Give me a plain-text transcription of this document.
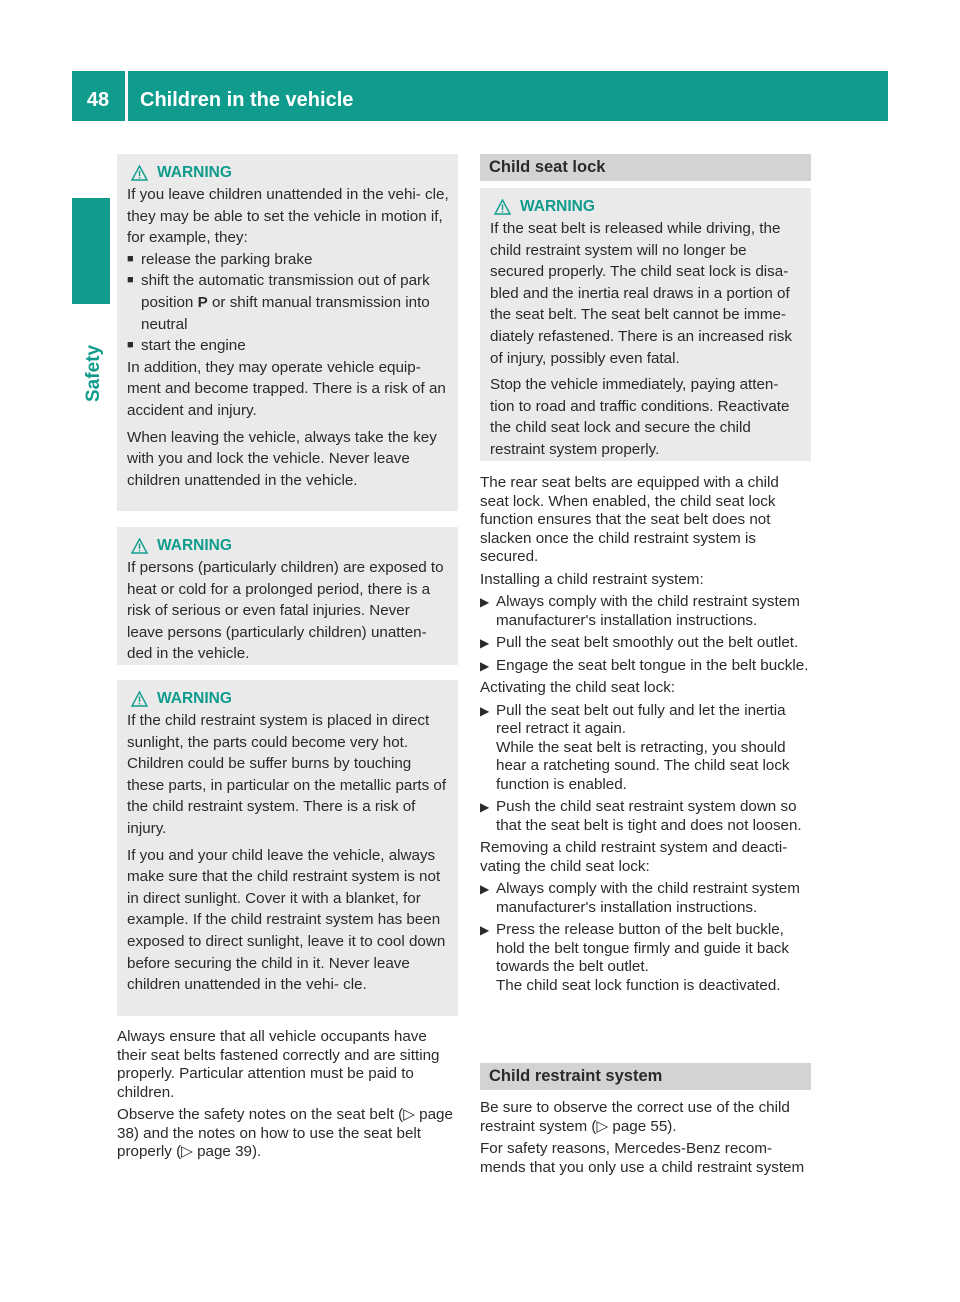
48	Children in the vehicle
Safety
WARNING

If you leave children unattended in the vehi- cle, they may be able to set the vehicle in motion if, for example, they:

■ release the parking brake
■ shift the automatic transmission out of park position P or shift manual transmission into neutral
■ start the engine

In addition, they may operate vehicle equip- ment and become trapped. There is a risk of an accident and injury.

When leaving the vehicle, always take the key with you and lock the vehicle. Never leave children unattended in the vehicle.

WARNING

If persons (particularly children) are exposed to heat or cold for a prolonged period, there is a risk of serious or even fatal injuries. Never leave persons (particularly children) unatten- ded in the vehicle.

WARNING

If the child restraint system is placed in direct sunlight, the parts could become very hot. Children could be suffer burns by touching these parts, in particular on the metallic parts of the child restraint system. There is a risk of injury.

If you and your child leave the vehicle, always make sure that the child restraint system is not in direct sunlight. Cover it with a blanket, for example. If the child restraint system has been exposed to direct sunlight, leave it to cool down before securing the child in it. Never leave children unattended in the vehi- cle.

Always ensure that all vehicle occupants have their seat belts fastened correctly and are sitting properly. Particular attention must be paid to children.

Observe the safety notes on the seat belt (▷ page 38) and the notes on how to use the seat belt properly (▷ page 39).

Child seat lock
WARNING

If the seat belt is released while driving, the child restraint system will no longer be secured properly. The child seat lock is disa- bled and the inertia real draws in a portion of the seat belt. The seat belt cannot be imme- diately refastened. There is an increased risk of injury, possibly even fatal.

Stop the vehicle immediately, paying atten- tion to road and traffic conditions. Reactivate the child seat lock and secure the child restraint system properly.

The rear seat belts are equipped with a child seat lock. When enabled, the child seat lock function ensures that the seat belt does not slacken once the child restraint system is secured.

Installing a child restraint system:

▶ Always comply with the child restraint system manufacturer's installation instructions.
▶ Pull the seat belt smoothly out the belt outlet.
▶ Engage the seat belt tongue in the belt buckle.

Activating the child seat lock:

▶ Pull the seat belt out fully and let the inertia reel retract it again.
While the seat belt is retracting, you should hear a ratcheting sound. The child seat lock function is enabled.
▶ Push the child seat restraint system down so that the seat belt is tight and does not loosen.

Removing a child restraint system and deacti- vating the child seat lock:

▶ Always comply with the child restraint system manufacturer's installation instructions.
▶ Press the release button of the belt buckle, hold the belt tongue firmly and guide it back towards the belt outlet.
The child seat lock function is deactivated.
Child restraint system

Be sure to observe the correct use of the child restraint system (▷ page 55).

For safety reasons, Mercedes-Benz recom- mends that you only use a child restraint system
